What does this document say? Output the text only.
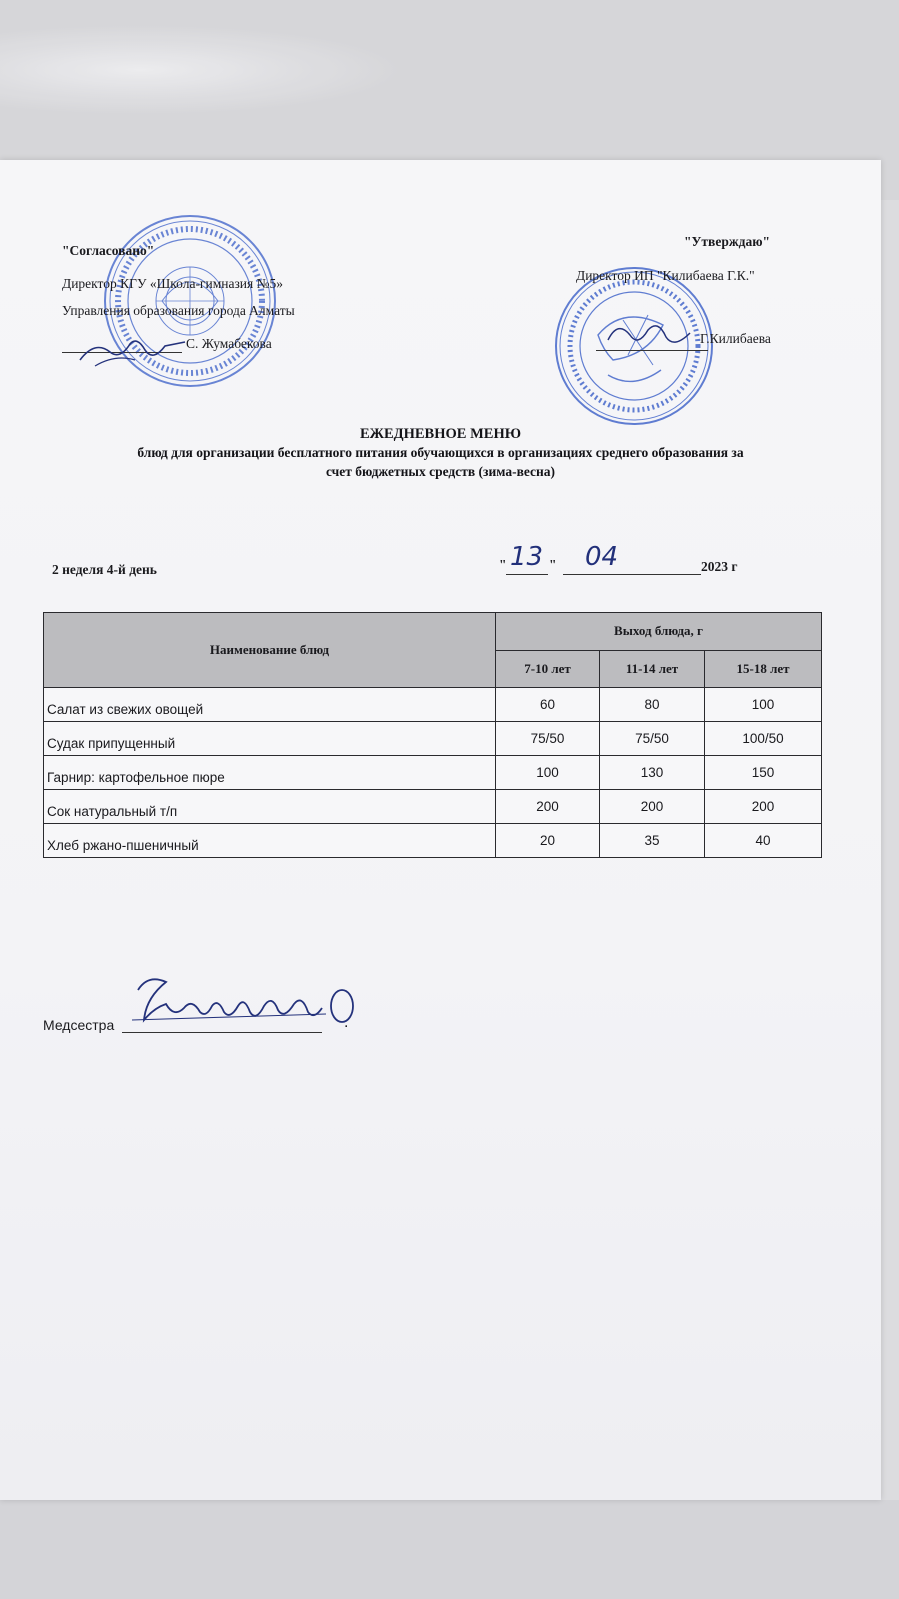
"Согласовано"
Директор КГУ «Школа-гимназия №5»
Управления образования города Алматы
С. Жумабекова
"Утверждаю"
Директор ИП "Килибаева Г.К."
Г.Килибаева
ЕЖЕДНЕВНОЕ МЕНЮ
блюд для организации бесплатного питания обучающихся в организациях среднего образования за
счет бюджетных средств (зима-весна)
2 неделя 4-й день	" 13 " 04	2023 г
Наименование блюд	Выход блюда, г		
	7-10 лет	11-14 лет	15-18 лет
Салат из свежих овощей	60	80	100
Судак припущенный	75/50	75/50	100/50
Гарнир: картофельное пюре	100	130	150
Сок натуральный т/п	200	200	200
Хлеб ржано-пшеничный	20	35	40
Медсестра	.
